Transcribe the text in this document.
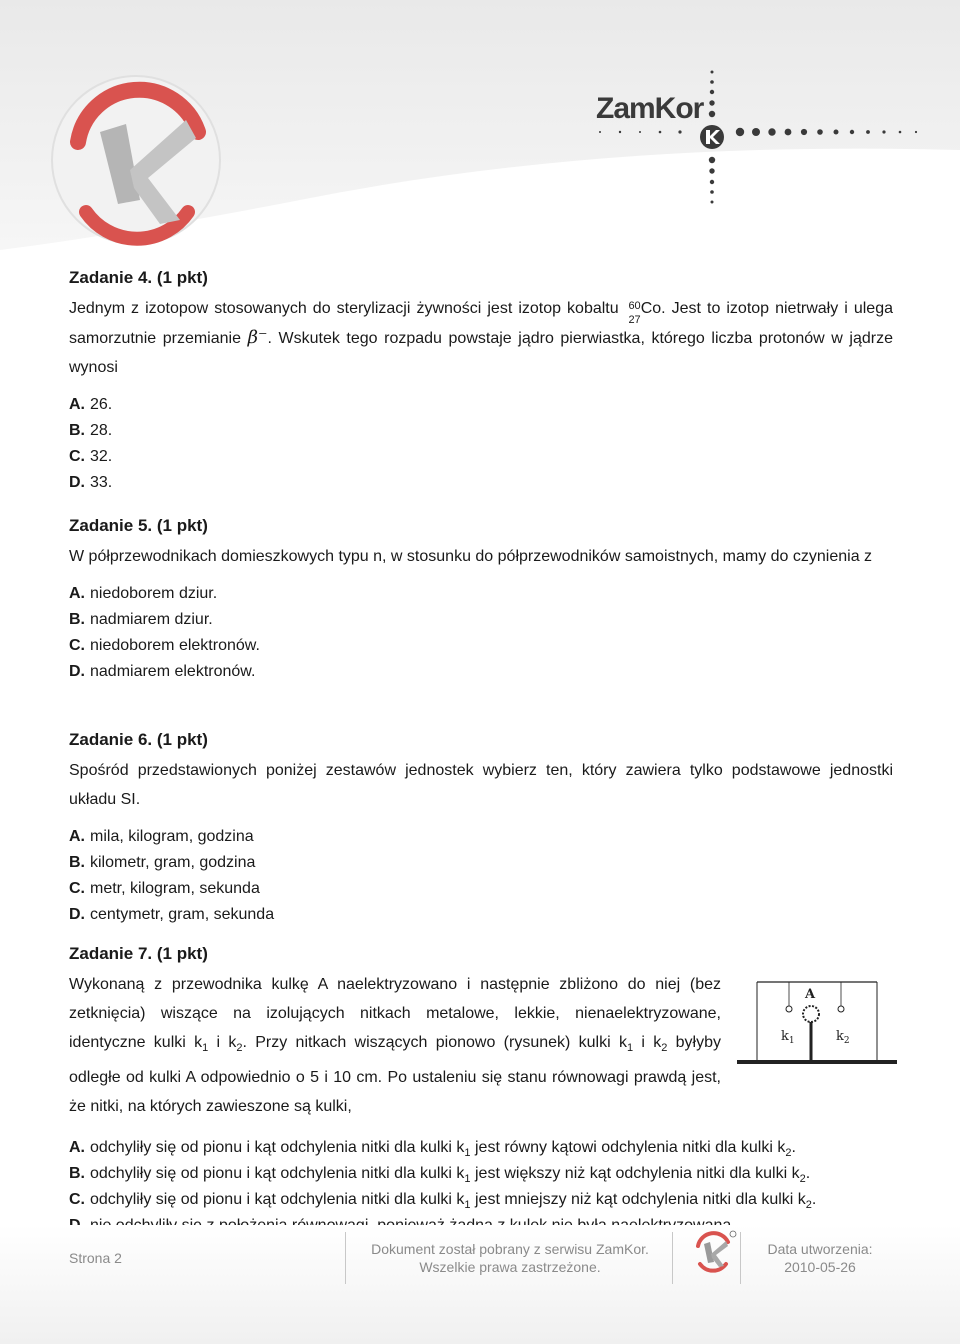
ZamKor
Zadanie 4. (1 pkt)

Jednym z izotopow stosowanych do sterylizacji żywności jest izotop kobaltu 60
27
Co. Jest to izotop nietrwały i ulega samorzutnie przemianie β⁻. Wskutek tego rozpadu powstaje jądro pierwiastka, którego liczba protonów w jądrze wynosi

A. 26.
B. 28.
C. 32.
D. 33.
Zadanie 5. (1 pkt)

W półprzewodnikach domieszkowych typu n, w stosunku do półprzewodników samoistnych, mamy do czynienia z

A. niedoborem dziur.
B. nadmiarem dziur.
C. niedoborem elektronów.
D. nadmiarem elektronów.
Zadanie 6. (1 pkt)

Spośród przedstawionych poniżej zestawów jednostek wybierz ten, który zawiera tylko podstawowe jednostki układu SI.

A. mila, kilogram, godzina
B. kilometr, gram, godzina
C. metr, kilogram, sekunda
D. centymetr, gram, sekunda
Zadanie 7. (1 pkt)

Wykonaną z przewodnika kulkę A naelektryzowano i następnie zbliżono do niej (bez zetknięcia) wiszące na izolujących nitkach metalowe, lekkie, nienaelektryzowane, identyczne kulki $k_1$ i $k_2$. Przy nitkach wiszących pionowo (rysunek) kulki $k_1$ i $k_2$ byłyby odległe od kulki A odpowiednio o 5 i 10 cm. Po ustaleniu się stanu równowagi prawdą jest, że nitki, na których zawieszone są kulki,

A. odchyliły się od pionu i kąt odchylenia nitki dla kulki $k_1$ jest równy kątowi odchylenia nitki dla kulki $k_2$.
B. odchyliły się od pionu i kąt odchylenia nitki dla kulki $k_1$ jest większy niż kąt odchylenia nitki dla kulki $k_2$.
C. odchyliły się od pionu i kąt odchylenia nitki dla kulki $k_1$ jest mniejszy niż kąt odchylenia nitki dla kulki $k_2$.
A
$k_1$	$k_2$
Strona 2
Dokument został pobrany z serwisu ZamKor.
Wszelkie prawa zastrzeżone.
Data utworzenia:
2010-05-26
